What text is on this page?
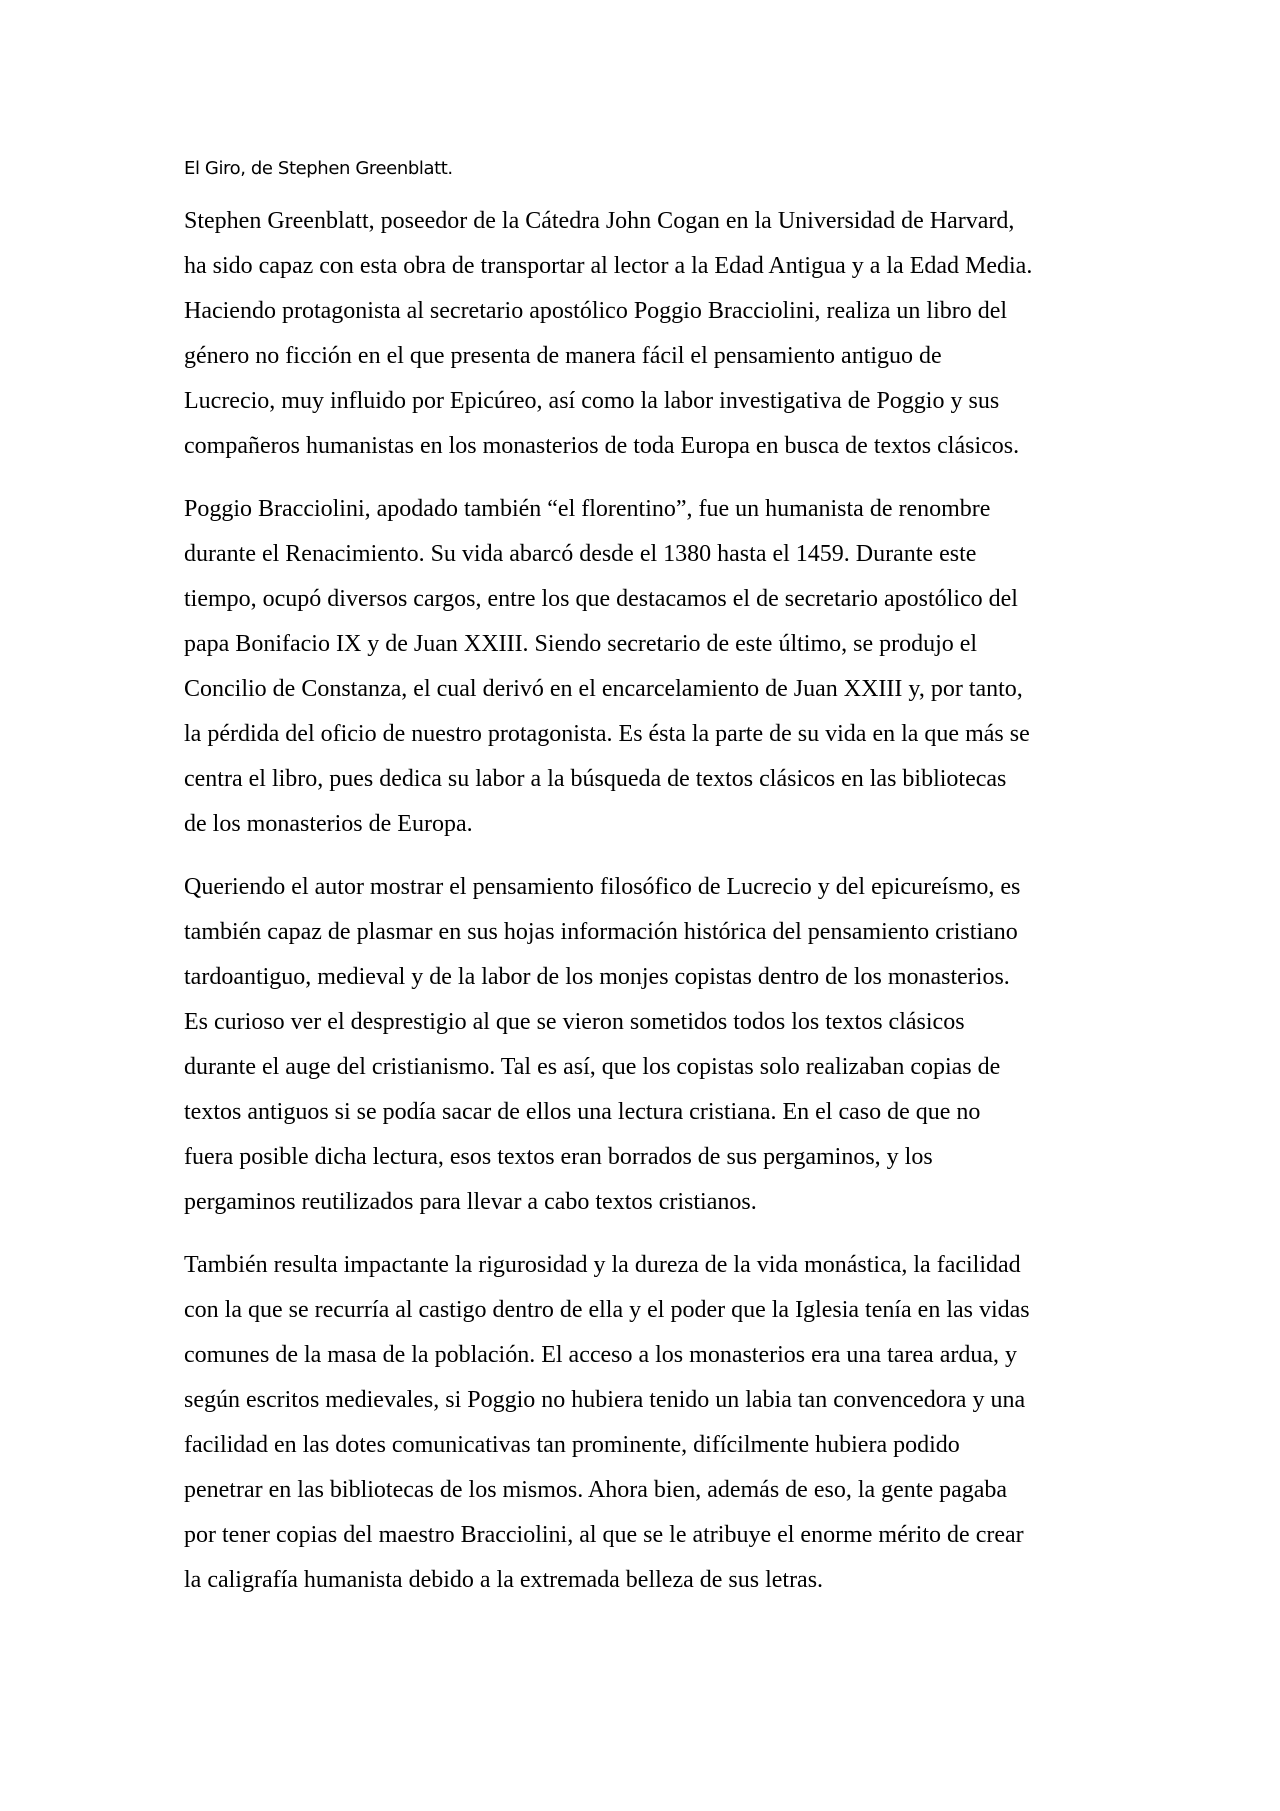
El Giro, de Stephen Greenblatt.
Stephen Greenblatt, poseedor de la Cátedra John Cogan en la Universidad de Harvard,
ha sido capaz con esta obra de transportar al lector a la Edad Antigua y a la Edad Media.
Haciendo protagonista al secretario apostólico Poggio Bracciolini, realiza un libro del
género no ficción en el que presenta de manera fácil el pensamiento antiguo de
Lucrecio, muy influido por Epicúreo, así como la labor investigativa de Poggio y sus
compañeros humanistas en los monasterios de toda Europa en busca de textos clásicos.
Poggio Bracciolini, apodado también “el florentino”, fue un humanista de renombre
durante el Renacimiento. Su vida abarcó desde el 1380 hasta el 1459. Durante este
tiempo, ocupó diversos cargos, entre los que destacamos el de secretario apostólico del
papa Bonifacio IX y de Juan XXIII. Siendo secretario de este último, se produjo el
Concilio de Constanza, el cual derivó en el encarcelamiento de Juan XXIII y, por tanto,
la pérdida del oficio de nuestro protagonista. Es ésta la parte de su vida en la que más se
centra el libro, pues dedica su labor a la búsqueda de textos clásicos en las bibliotecas
de los monasterios de Europa.
Queriendo el autor mostrar el pensamiento filosófico de Lucrecio y del epicureísmo, es
también capaz de plasmar en sus hojas información histórica del pensamiento cristiano
tardoantiguo, medieval y de la labor de los monjes copistas dentro de los monasterios.
Es curioso ver el desprestigio al que se vieron sometidos todos los textos clásicos
durante el auge del cristianismo. Tal es así, que los copistas solo realizaban copias de
textos antiguos si se podía sacar de ellos una lectura cristiana. En el caso de que no
fuera posible dicha lectura, esos textos eran borrados de sus pergaminos, y los
pergaminos reutilizados para llevar a cabo textos cristianos.
También resulta impactante la rigurosidad y la dureza de la vida monástica, la facilidad
con la que se recurría al castigo dentro de ella y el poder que la Iglesia tenía en las vidas
comunes de la masa de la población. El acceso a los monasterios era una tarea ardua, y
según escritos medievales, si Poggio no hubiera tenido un labia tan convencedora y una
facilidad en las dotes comunicativas tan prominente, difícilmente hubiera podido
penetrar en las bibliotecas de los mismos. Ahora bien, además de eso, la gente pagaba
por tener copias del maestro Bracciolini, al que se le atribuye el enorme mérito de crear
la caligrafía humanista debido a la extremada belleza de sus letras.
